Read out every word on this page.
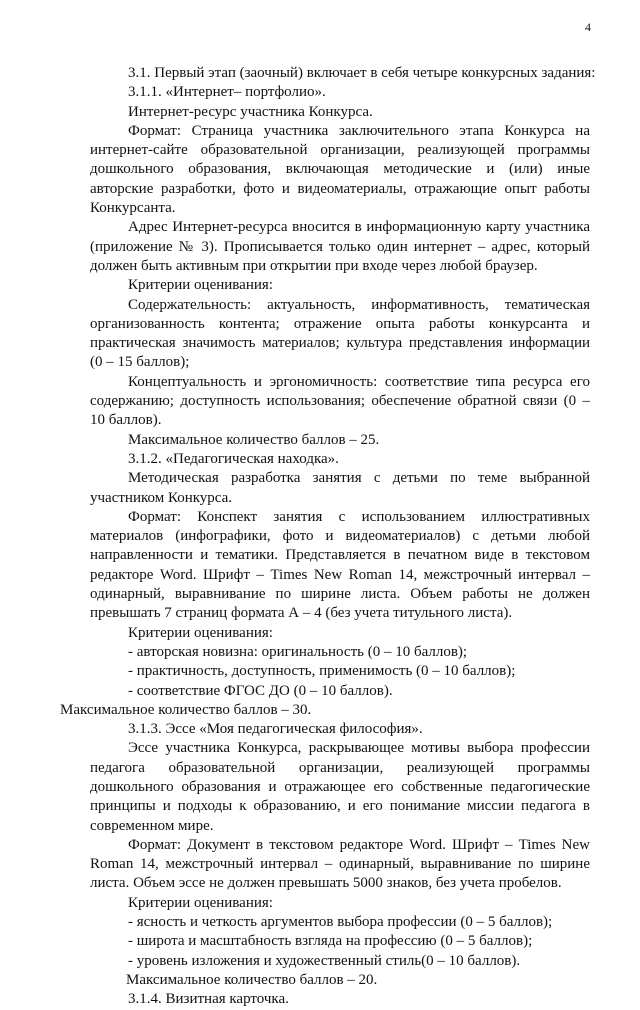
4
3.1. Первый этап (заочный) включает в себя четыре конкурсных задания:
3.1.1. «Интернет– портфолио».
Интернет-ресурс участника Конкурса.

Формат: Страница участника заключительного этапа Конкурса на интернет-сайте образовательной организации, реализующей программы дошкольного образования, включающая методические и (или) иные авторские разработки, фото и видеоматериалы, отражающие опыт работы Конкурсанта.

Адрес Интернет-ресурса вносится в информационную карту участника (приложение № 3). Прописывается только один интернет – адрес, который должен быть активным при открытии при входе через любой браузер.

Критерии оценивания:

Содержательность: актуальность, информативность, тематическая организованность контента; отражение опыта работы конкурсанта и практическая значимость материалов; культура представления информации (0 – 15 баллов);

Концептуальность и эргономичность: соответствие типа ресурса его содержанию; доступность использования; обеспечение обратной связи (0 – 10 баллов).

Максимальное количество баллов – 25.
3.1.2. «Педагогическая находка».

Методическая разработка занятия с детьми по теме выбранной участником Конкурса.

Формат: Конспект занятия с использованием иллюстративных материалов (инфографики, фото и видеоматериалов) с детьми любой направленности и тематики. Представляется в печатном виде в текстовом редакторе Word. Шрифт – Times New Roman 14, межстрочный интервал – одинарный, выравнивание по ширине листа. Объем работы не должен превышать 7 страниц формата А – 4 (без учета титульного листа).

Критерии оценивания:
- авторская новизна: оригинальность (0 – 10 баллов);
- практичность, доступность, применимость (0 – 10 баллов);
- соответствие ФГОС ДО (0 – 10 баллов).
Максимальное количество баллов – 30.
3.1.3. Эссе «Моя педагогическая философия».

Эссе участника Конкурса, раскрывающее мотивы выбора профессии педагога образовательной организации, реализующей программы дошкольного образования и отражающее его собственные педагогические принципы и подходы к образованию, и его понимание миссии педагога в современном мире.

Формат: Документ в текстовом редакторе Word. Шрифт – Times New Roman 14, межстрочный интервал – одинарный, выравнивание по ширине листа. Объем эссе не должен превышать 5000 знаков, без учета пробелов.

Критерии оценивания:
- ясность и четкость аргументов выбора профессии (0 – 5 баллов);
- широта и масштабность взгляда на профессию (0 – 5 баллов);
- уровень изложения и художественный стиль(0 – 10 баллов).
Максимальное количество баллов – 20.
3.1.4. Визитная карточка.
